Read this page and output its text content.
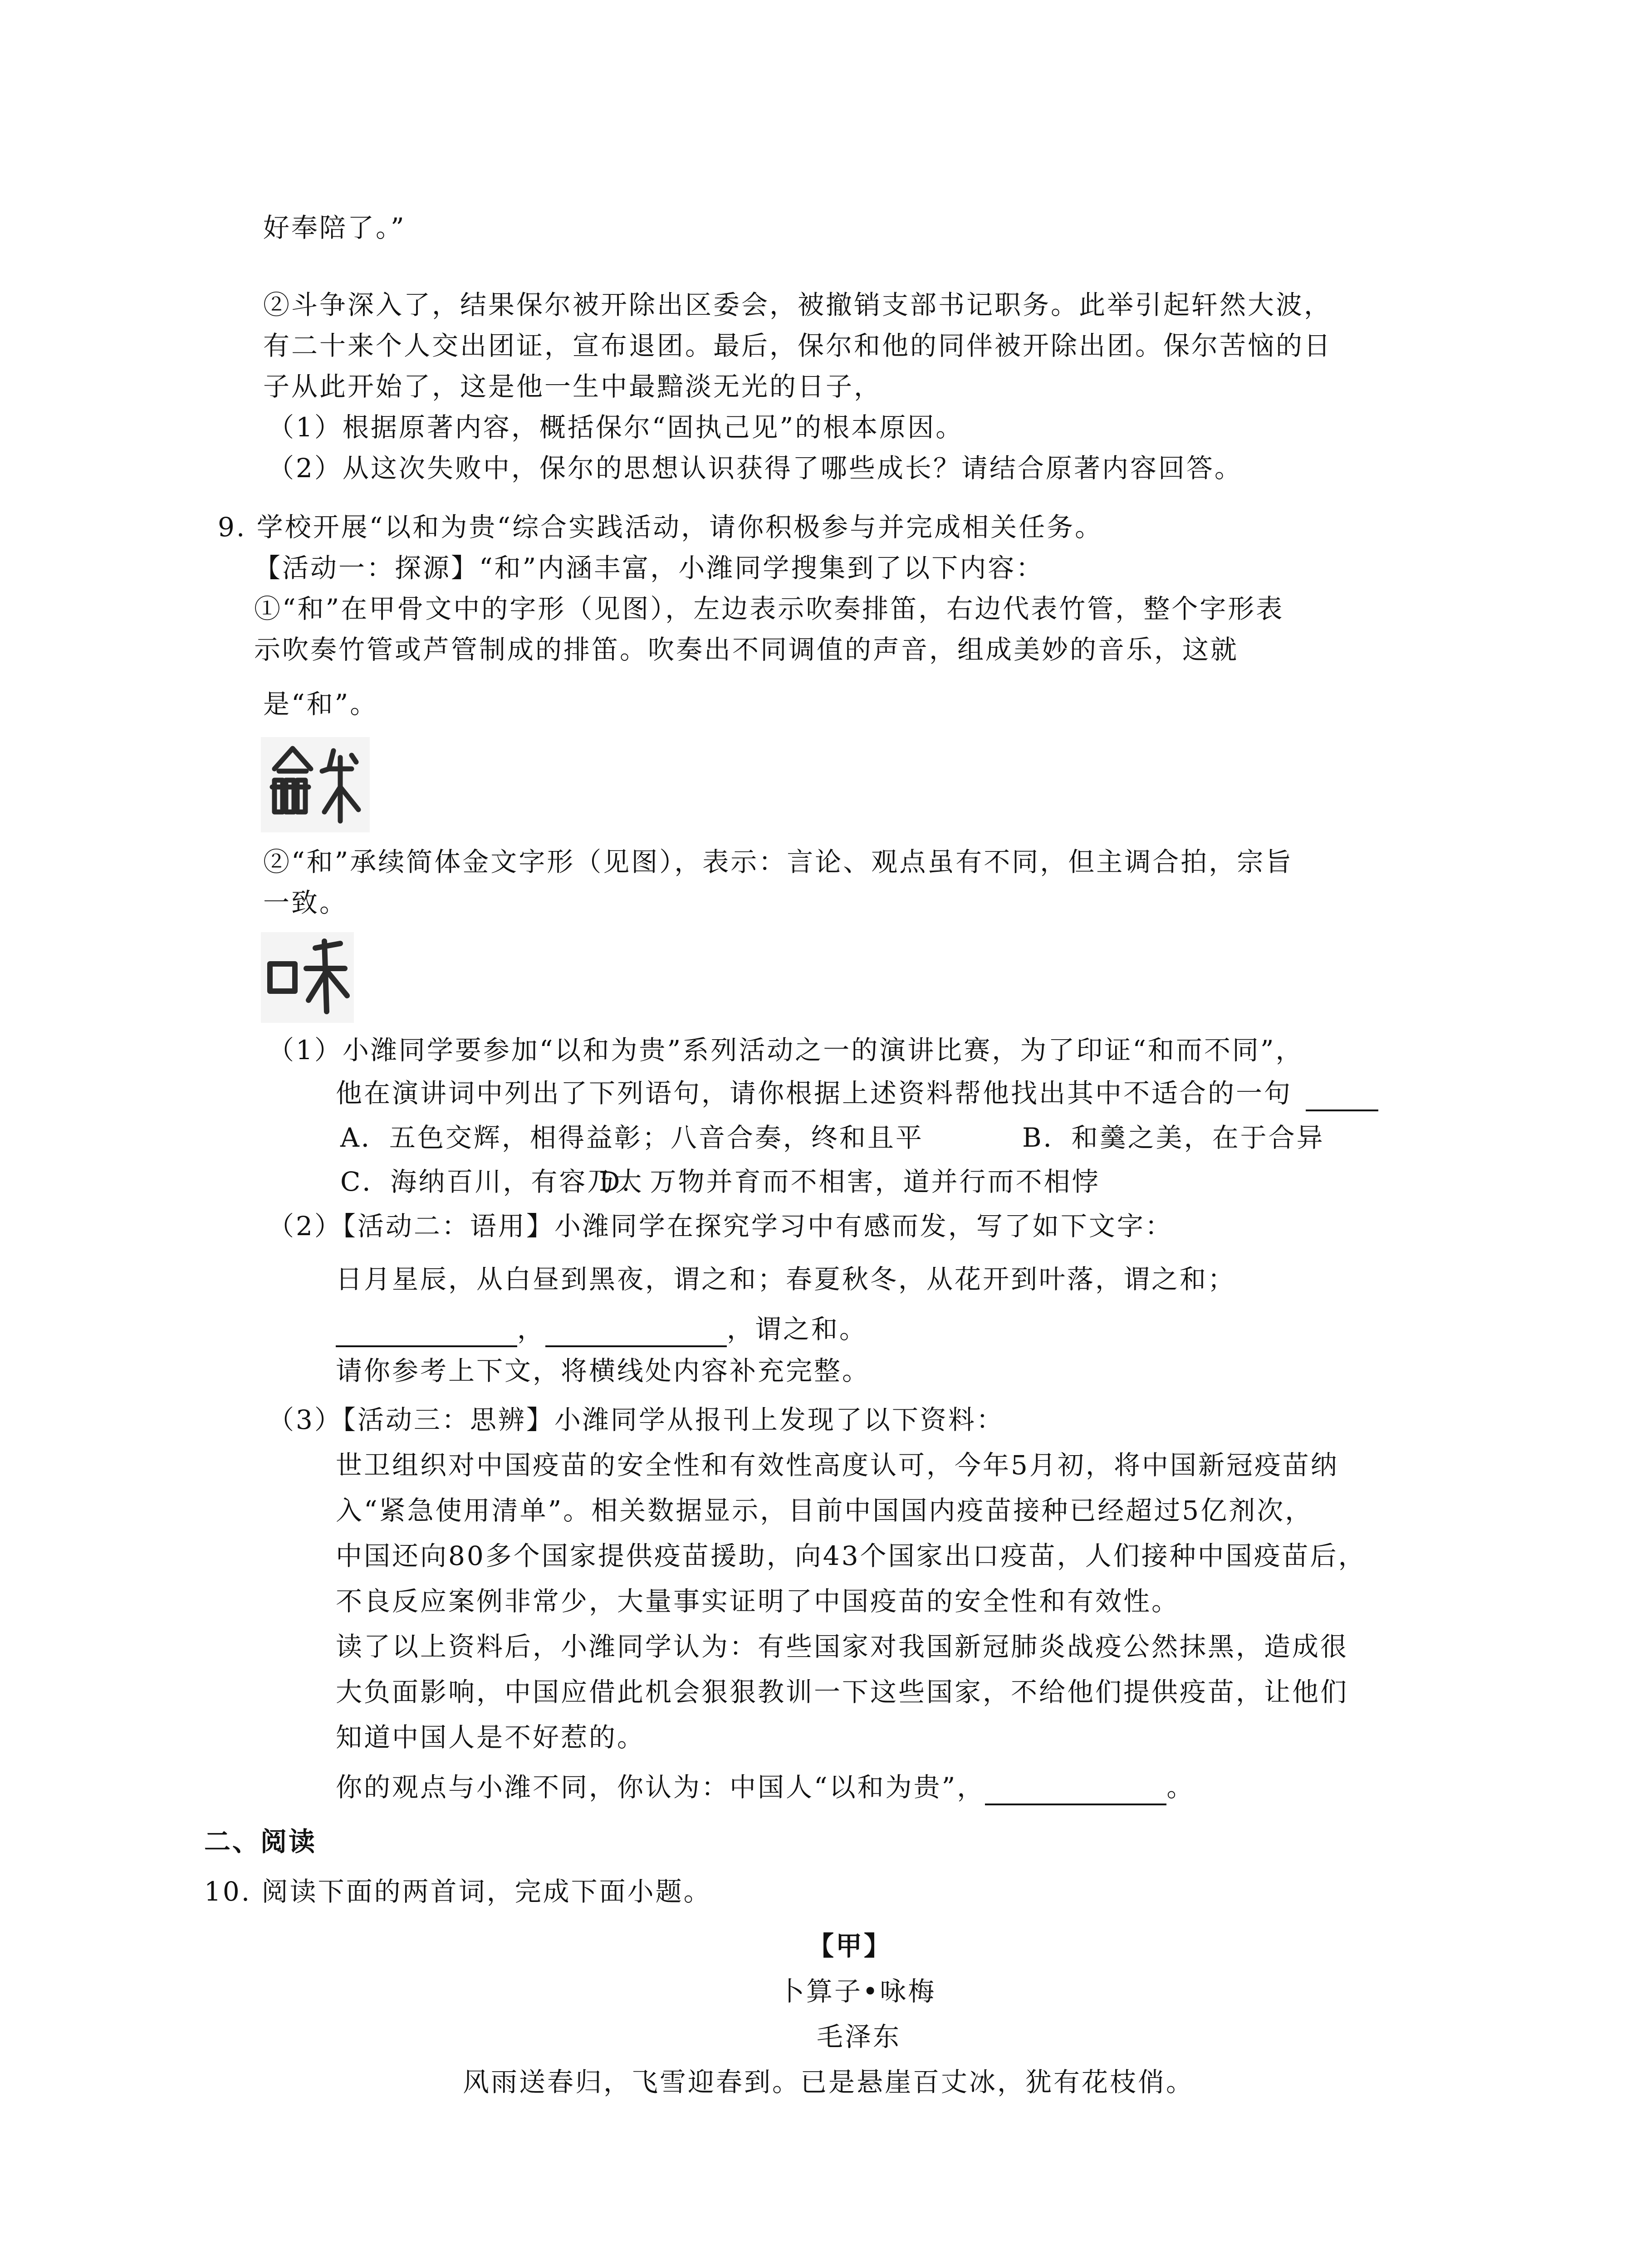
好奉陪了。”
②斗争深入了，结果保尔被开除出区委会，被撤销支部书记职务。此举引起轩然大波，
有二十来个人交出团证，宣布退团。最后，保尔和他的同伴被开除出团。保尔苦恼的日
子从此开始了，这是他一生中最黯淡无光的日子，
（1）根据原著内容，概括保尔“固执己见”的根本原因。
（2）从这次失败中，保尔的思想认识获得了哪些成长？请结合原著内容回答。
9. 学校开展“以和为贵“综合实践活动，请你积极参与并完成相关任务。
【活动一：探源】“和”内涵丰富，小潍同学搜集到了以下内容：
①“和”在甲骨文中的字形（见图），左边表示吹奏排笛，右边代表竹管，整个字形表
示吹奏竹管或芦管制成的排笛。吹奏出不同调值的声音，组成美妙的音乐，这就
是“和”。
②“和”承续简体金文字形（见图），表示：言论、观点虽有不同，但主调合拍，宗旨
一致。
（1）小潍同学要参加“以和为贵”系列活动之一的演讲比赛，为了印证“和而不同”，
他在演讲词中列出了下列语句，请你根据上述资料帮他找出其中不适合的一句
A．五色交辉，相得益彰；八音合奏，终和且平	B．和羹之美，在于合异
C．海纳百川，有容乃大
D．万物并育而不相害，道并行而不相悖
（2）【活动二：语用】小潍同学在探究学习中有感而发，写了如下文字：
日月星辰，从白昼到黑夜，谓之和；春夏秋冬，从花开到叶落，谓之和；
，	，谓之和。
请你参考上下文，将横线处内容补充完整。
（3）【活动三：思辨】小潍同学从报刊上发现了以下资料：
世卫组织对中国疫苗的安全性和有效性高度认可，今年5月初，将中国新冠疫苗纳
入“紧急使用清单”。相关数据显示，目前中国国内疫苗接种已经超过5亿剂次，
中国还向80多个国家提供疫苗援助，向43个国家出口疫苗，人们接种中国疫苗后，
不良反应案例非常少，大量事实证明了中国疫苗的安全性和有效性。
读了以上资料后，小潍同学认为：有些国家对我国新冠肺炎战疫公然抹黑，造成很
大负面影响，中国应借此机会狠狠教训一下这些国家，不给他们提供疫苗，让他们
知道中国人是不好惹的。
你的观点与小潍不同，你认为：中国人“以和为贵”，	。
二、阅读
10. 阅读下面的两首词，完成下面小题。
【甲】
卜算子•咏梅
毛泽东
风雨送春归，飞雪迎春到。已是悬崖百丈冰，犹有花枝俏。
